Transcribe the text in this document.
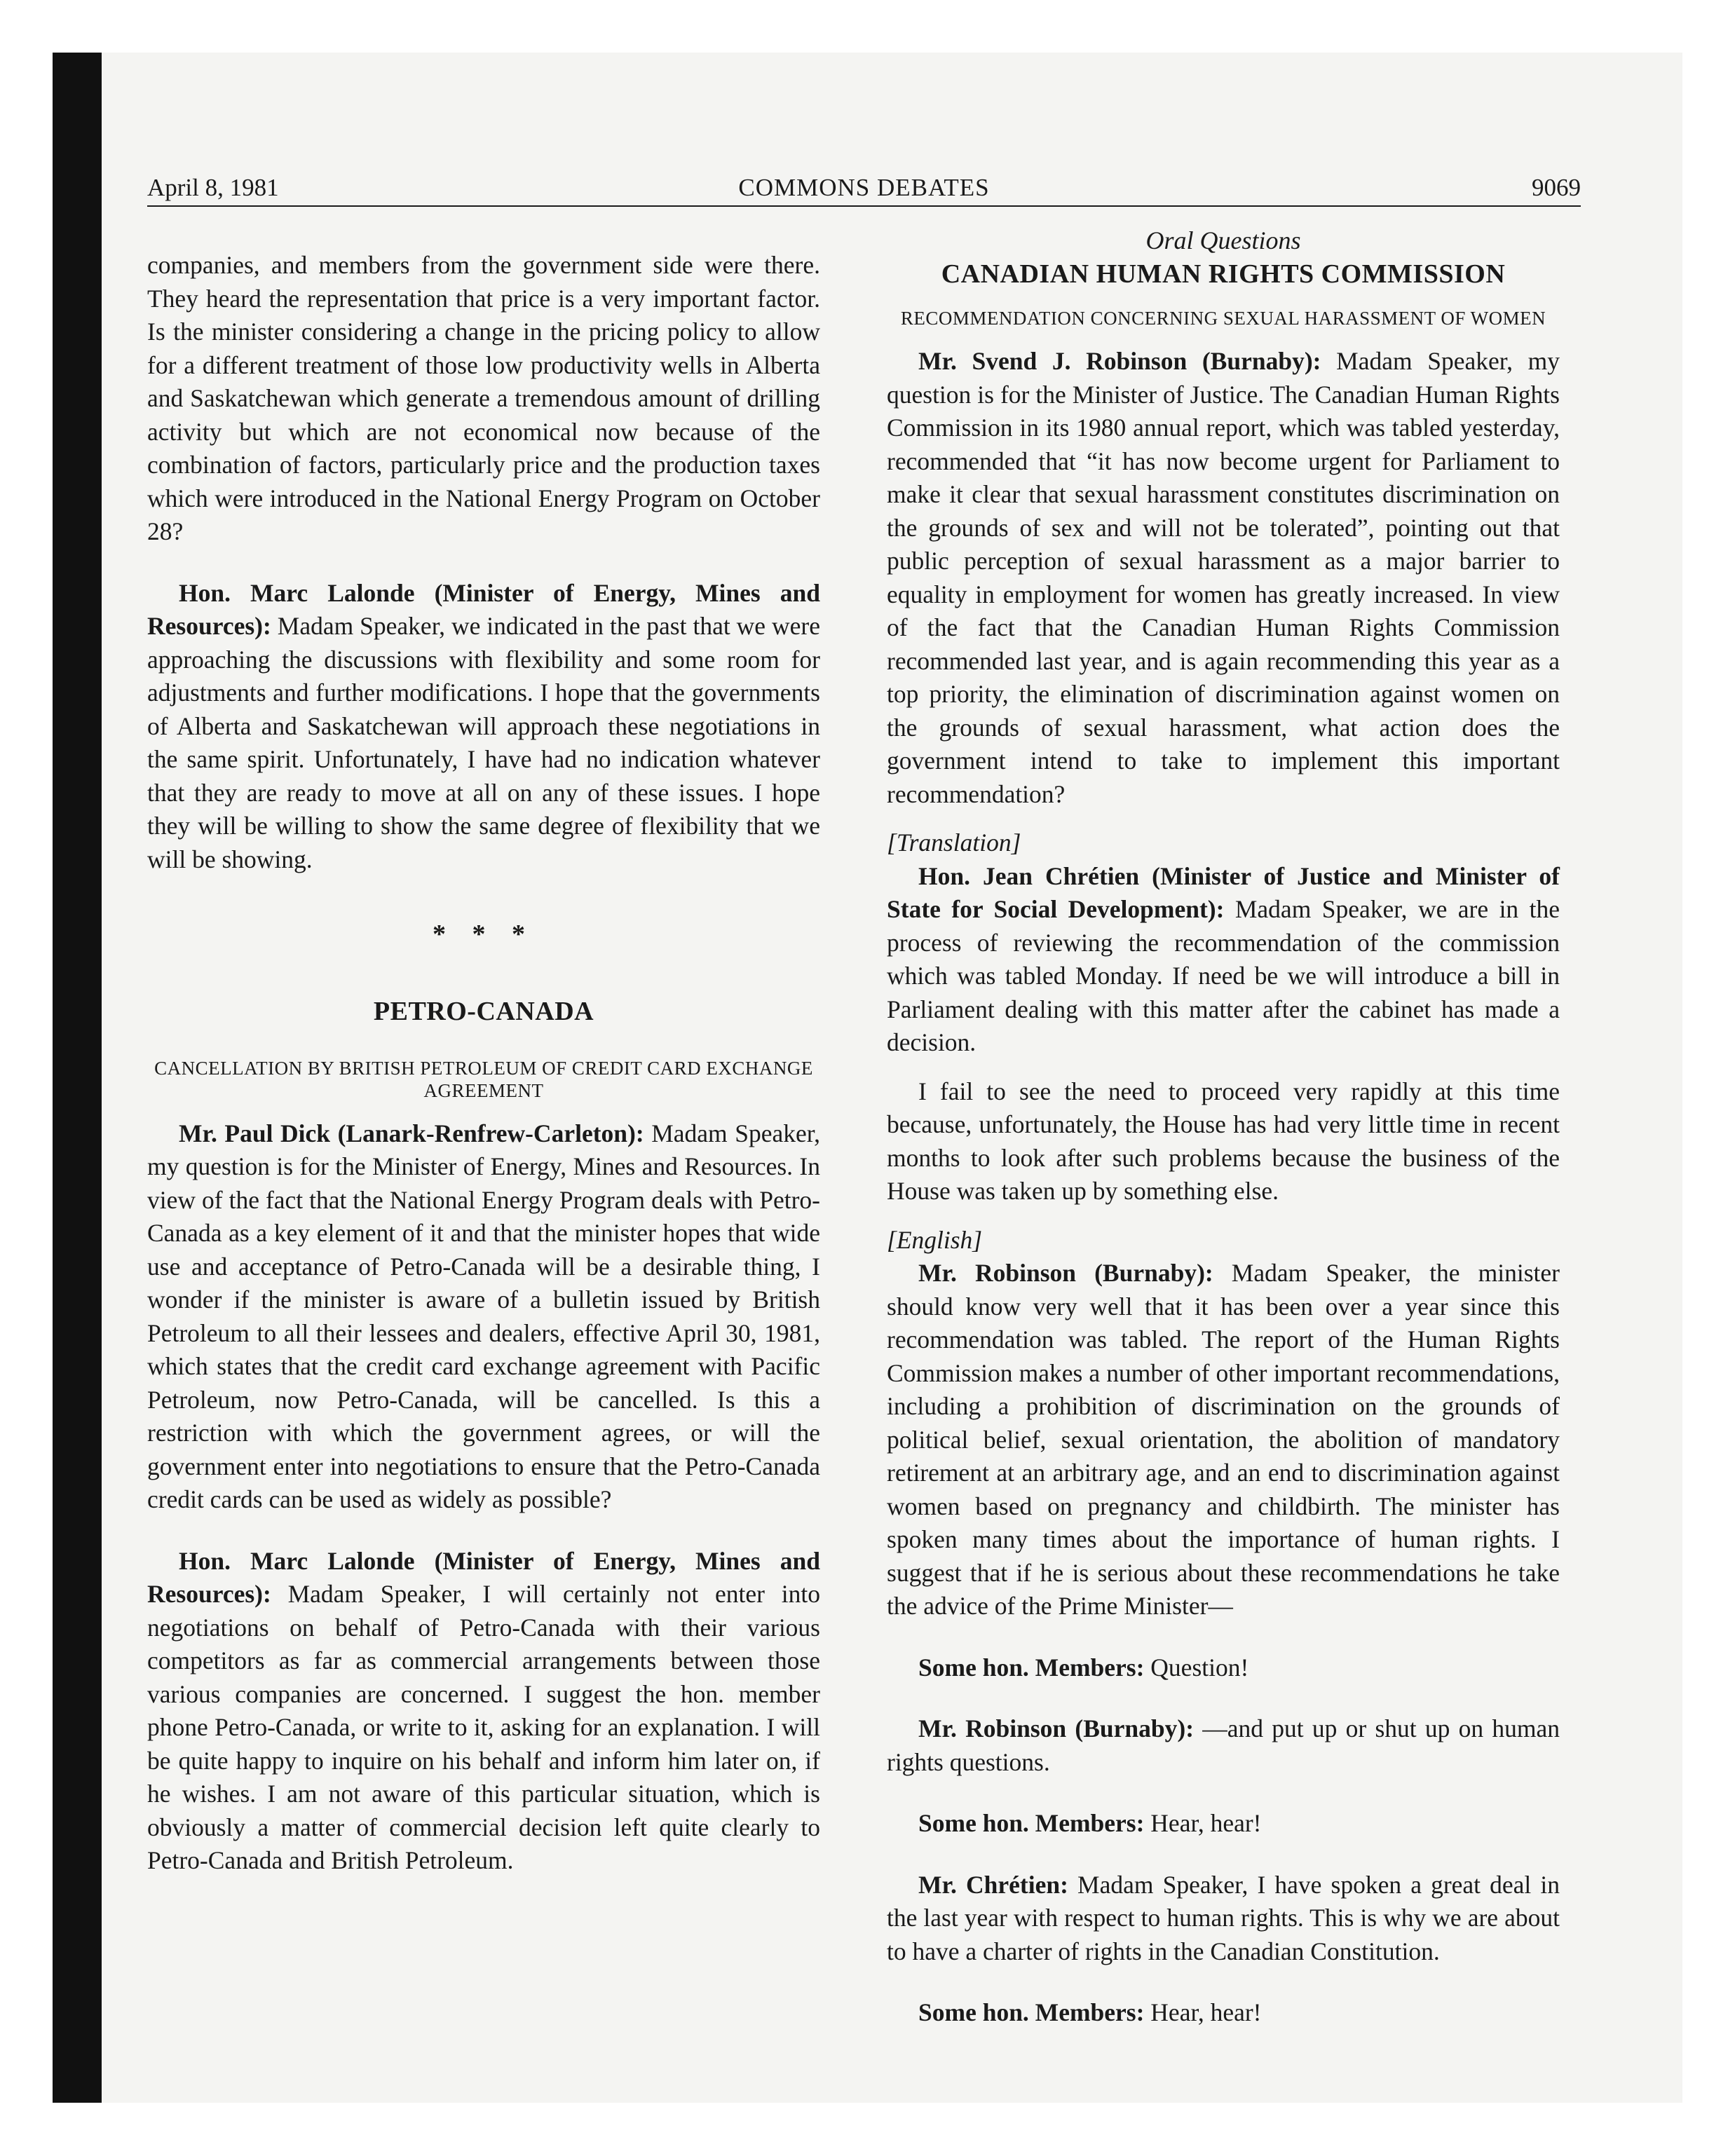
April 8, 1981	COMMONS DEBATES	9069

companies, and members from the government side were there. They heard the representation that price is a very important factor. Is the minister considering a change in the pricing policy to allow for a different treatment of those low productivity wells in Alberta and Saskatchewan which generate a tremendous amount of drilling activity but which are not economical now because of the combination of factors, particularly price and the production taxes which were introduced in the National Energy Program on October 28?

Hon. Marc Lalonde (Minister of Energy, Mines and Resources): Madam Speaker, we indicated in the past that we were approaching the discussions with flexibility and some room for adjustments and further modifications. I hope that the governments of Alberta and Saskatchewan will approach these negotiations in the same spirit. Unfortunately, I have had no indication whatever that they are ready to move at all on any of these issues. I hope they will be willing to show the same degree of flexibility that we will be showing.

* * *

PETRO-CANADA

CANCELLATION BY BRITISH PETROLEUM OF CREDIT CARD EXCHANGE AGREEMENT

Mr. Paul Dick (Lanark-Renfrew-Carleton): Madam Speaker, my question is for the Minister of Energy, Mines and Resources. In view of the fact that the National Energy Program deals with Petro-Canada as a key element of it and that the minister hopes that wide use and acceptance of Petro-Canada will be a desirable thing, I wonder if the minister is aware of a bulletin issued by British Petroleum to all their lessees and dealers, effective April 30, 1981, which states that the credit card exchange agreement with Pacific Petroleum, now Petro-Canada, will be cancelled. Is this a restriction with which the government agrees, or will the government enter into negotiations to ensure that the Petro-Canada credit cards can be used as widely as possible?

Hon. Marc Lalonde (Minister of Energy, Mines and Resources): Madam Speaker, I will certainly not enter into negotiations on behalf of Petro-Canada with their various competitors as far as commercial arrangements between those various companies are concerned. I suggest the hon. member phone Petro-Canada, or write to it, asking for an explanation. I will be quite happy to inquire on his behalf and inform him later on, if he wishes. I am not aware of this particular situation, which is obviously a matter of commercial decision left quite clearly to Petro-Canada and British Petroleum.

Oral Questions

CANADIAN HUMAN RIGHTS COMMISSION

RECOMMENDATION CONCERNING SEXUAL HARASSMENT OF WOMEN

Mr. Svend J. Robinson (Burnaby): Madam Speaker, my question is for the Minister of Justice. The Canadian Human Rights Commission in its 1980 annual report, which was tabled yesterday, recommended that “it has now become urgent for Parliament to make it clear that sexual harassment constitutes discrimination on the grounds of sex and will not be tolerated”, pointing out that public perception of sexual harassment as a major barrier to equality in employment for women has greatly increased. In view of the fact that the Canadian Human Rights Commission recommended last year, and is again recommending this year as a top priority, the elimination of discrimination against women on the grounds of sexual harassment, what action does the government intend to take to implement this important recommendation?

[Translation]

Hon. Jean Chrétien (Minister of Justice and Minister of State for Social Development): Madam Speaker, we are in the process of reviewing the recommendation of the commission which was tabled Monday. If need be we will introduce a bill in Parliament dealing with this matter after the cabinet has made a decision.

I fail to see the need to proceed very rapidly at this time because, unfortunately, the House has had very little time in recent months to look after such problems because the business of the House was taken up by something else.

[English]

Mr. Robinson (Burnaby): Madam Speaker, the minister should know very well that it has been over a year since this recommendation was tabled. The report of the Human Rights Commission makes a number of other important recommendations, including a prohibition of discrimination on the grounds of political belief, sexual orientation, the abolition of mandatory retirement at an arbitrary age, and an end to discrimination against women based on pregnancy and childbirth. The minister has spoken many times about the importance of human rights. I suggest that if he is serious about these recommendations he take the advice of the Prime Minister—

Some hon. Members: Question!

Mr. Robinson (Burnaby): —and put up or shut up on human rights questions.

Some hon. Members: Hear, hear!

Mr. Chrétien: Madam Speaker, I have spoken a great deal in the last year with respect to human rights. This is why we are about to have a charter of rights in the Canadian Constitution.

Some hon. Members: Hear, hear!
